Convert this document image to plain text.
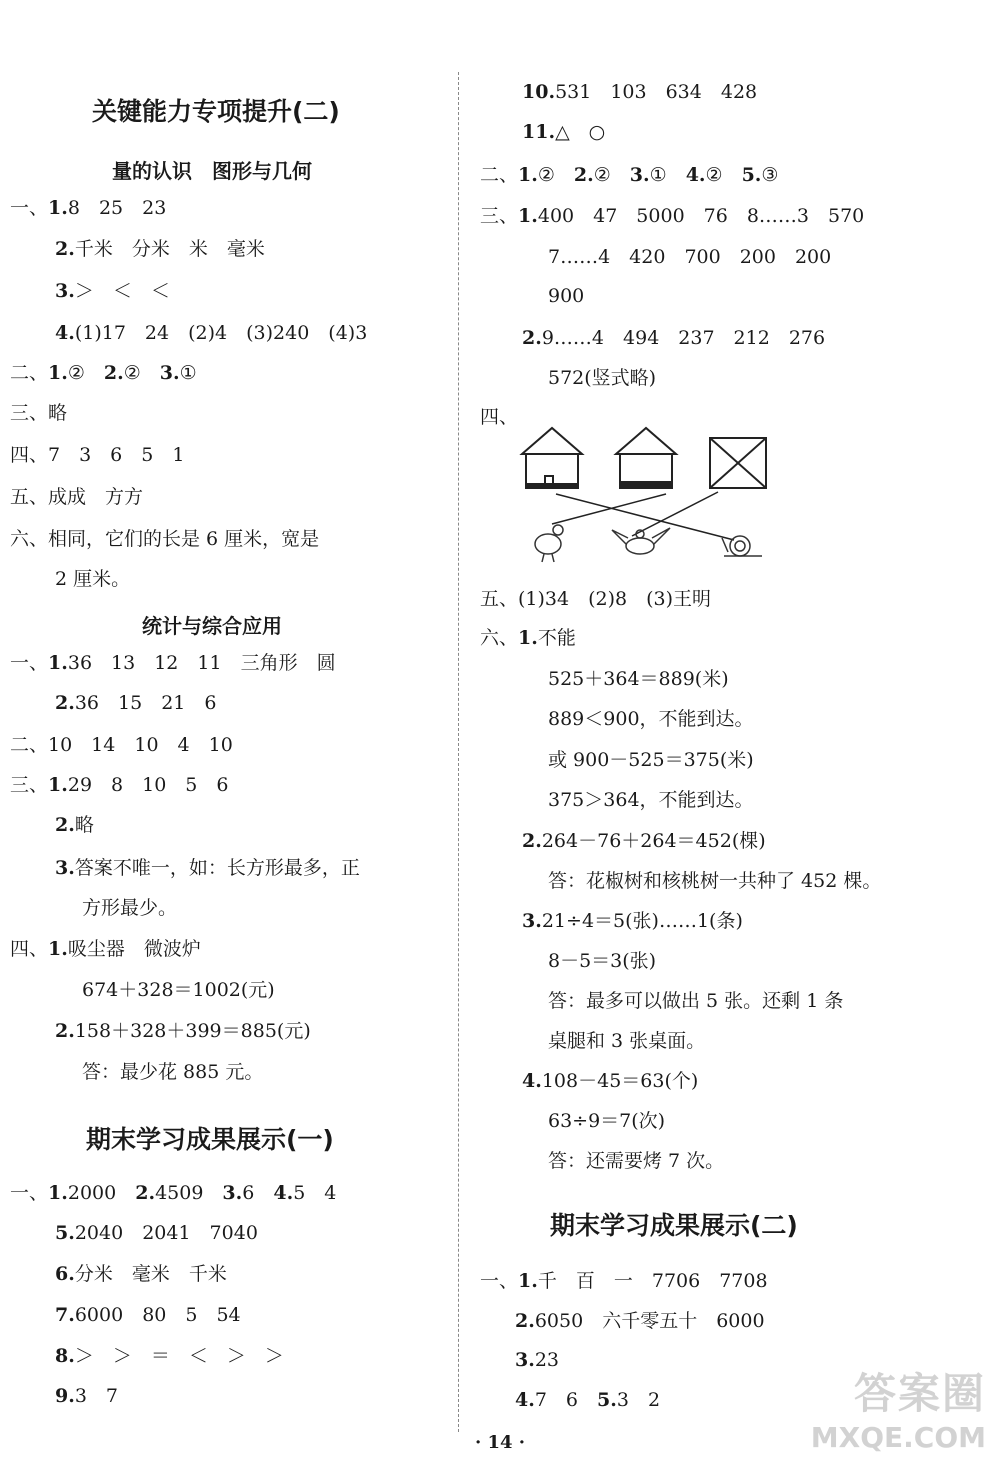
关键能力专项提升(二)
量的认识　图形与几何
一、1.8　25　23
2.千米　分米　米　毫米
3.＞　＜　＜
4.(1)17　24　(2)4　(3)240　(4)3
二、1.②　2.②　3.①
三、略
四、7　3　6　5　1
五、成成　方方
六、相同，它们的长是 6 厘米，宽是
2 厘米。
统计与综合应用
一、1.36　13　12　11　三角形　圆
2.36　15　21　6
二、10　14　10　4　10
三、1.29　8　10　5　6
2.略
3.答案不唯一，如：长方形最多，正
方形最少。
四、1.吸尘器　微波炉
674＋328＝1002(元)
2.158＋328＋399＝885(元)
答：最少花 885 元。
期末学习成果展示(一)
一、1.2000　2.4509　3.6　4.5　4
5.2040　2041　7040
6.分米　毫米　千米
7.6000　80　5　54
8.＞　＞　＝　＜　＞　＞
9.3　7
10.531　103　634　428
11.△　○
二、1.②　2.②　3.①　4.②　5.③
三、1.400　47　5000　76　8……3　570
7……4　420　700　200　200
900
2.9……4　494　237　212　276
572(竖式略)
四、
五、(1)34　(2)8　(3)王明
六、1.不能
525＋364＝889(米)
889＜900，不能到达。
或 900－525＝375(米)
375＞364，不能到达。
2.264－76＋264＝452(棵)
答：花椒树和核桃树一共种了 452 棵。
3.21÷4＝5(张)……1(条)
8－5＝3(张)
答：最多可以做出 5 张。还剩 1 条
桌腿和 3 张桌面。
4.108－45＝63(个)
63÷9＝7(次)
答：还需要烤 7 次。
期末学习成果展示(二)
一、1.千　百　一　7706　7708
2.6050　六千零五十　6000
3.23
4.7　6　5.3　2
· 14 ·
答案圈
MXQE.COM
